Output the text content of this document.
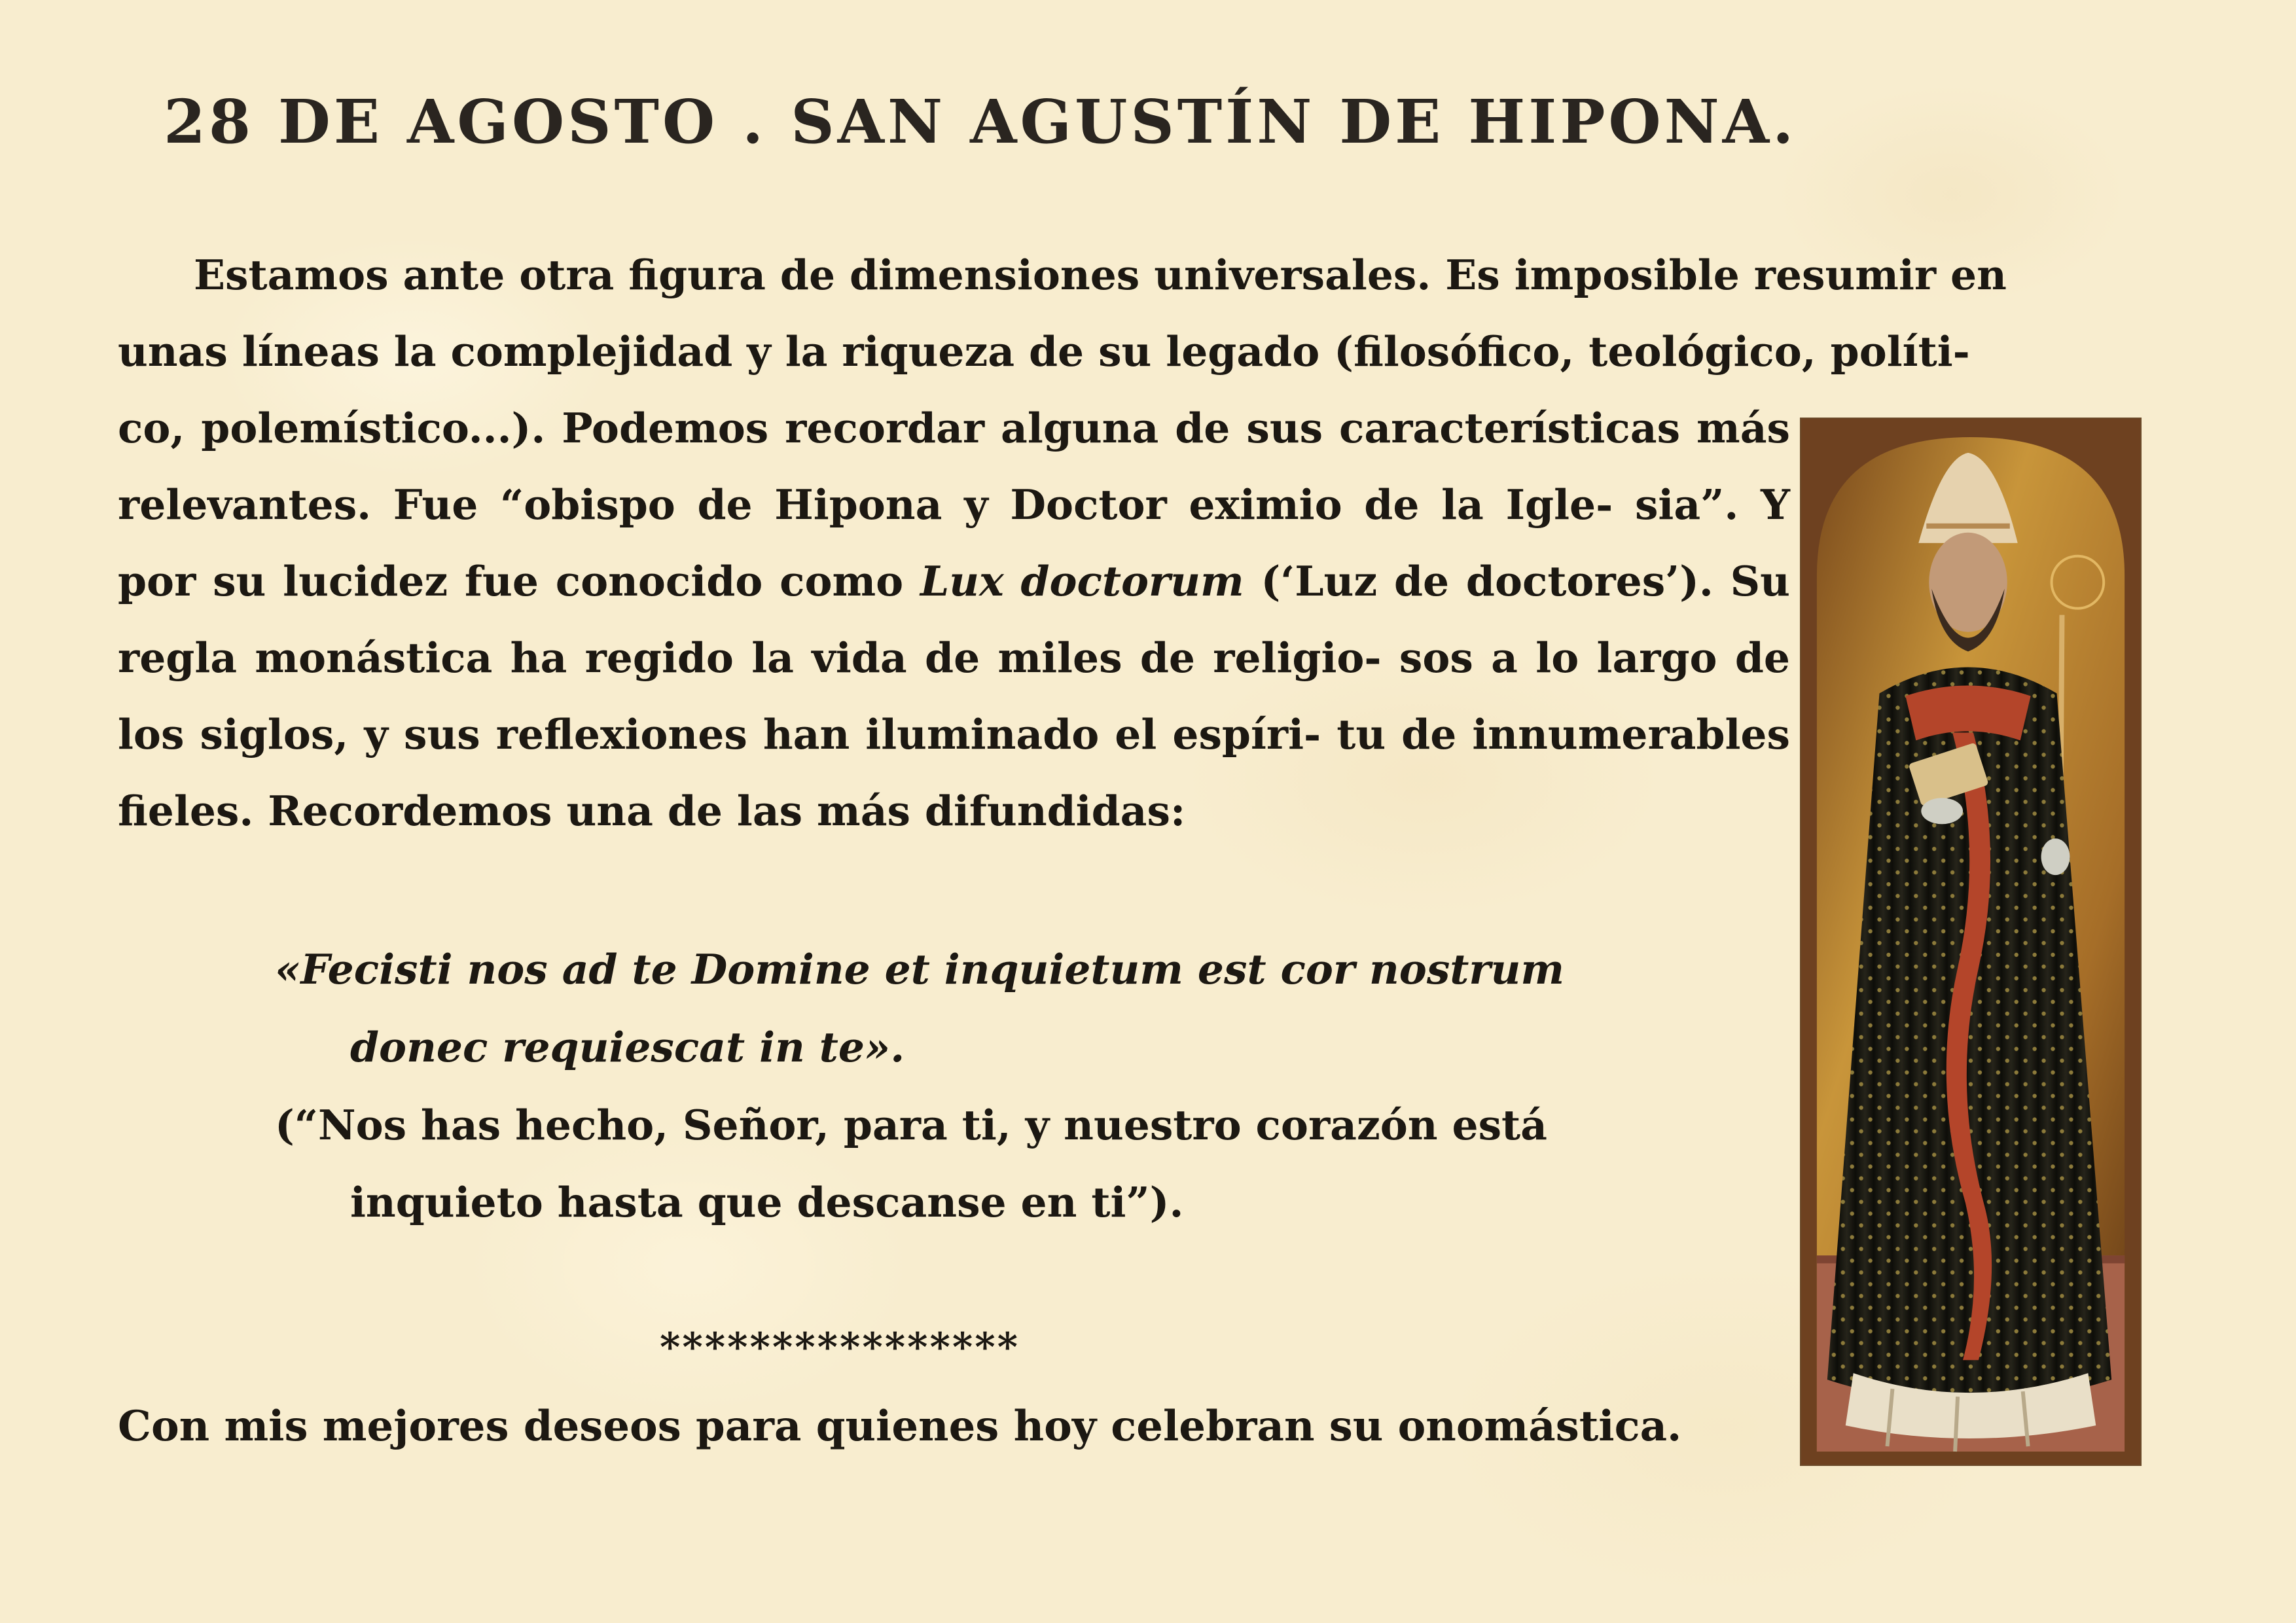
28 DE AGOSTO . SAN AGUSTÍN DE HIPONA.

Estamos ante otra figura de dimensiones universales. Es imposible resumir en

unas líneas la complejidad y la riqueza de su legado (filosófico, teológico, políti-

co, polemístico...). Podemos recordar alguna de sus características más relevantes. Fue “obispo de Hipona y Doctor eximio de la Igle- sia”. Y por su lucidez fue conocido como Lux doctorum (‘Luz de doctores’). Su regla monástica ha regido la vida de miles de religio- sos a lo largo de los siglos, y sus reflexiones han iluminado el espíri- tu de innumerables fieles. Recordemos una de las más difundidas:

«Fecisti nos ad te Domine et inquietum est cor nostrum
donec requiescat in te».
(“Nos has hecho, Señor, para ti, y nuestro corazón está
inquieto hasta que descanse en ti”).
****************
Con mis mejores deseos para quienes hoy celebran su onomástica.
